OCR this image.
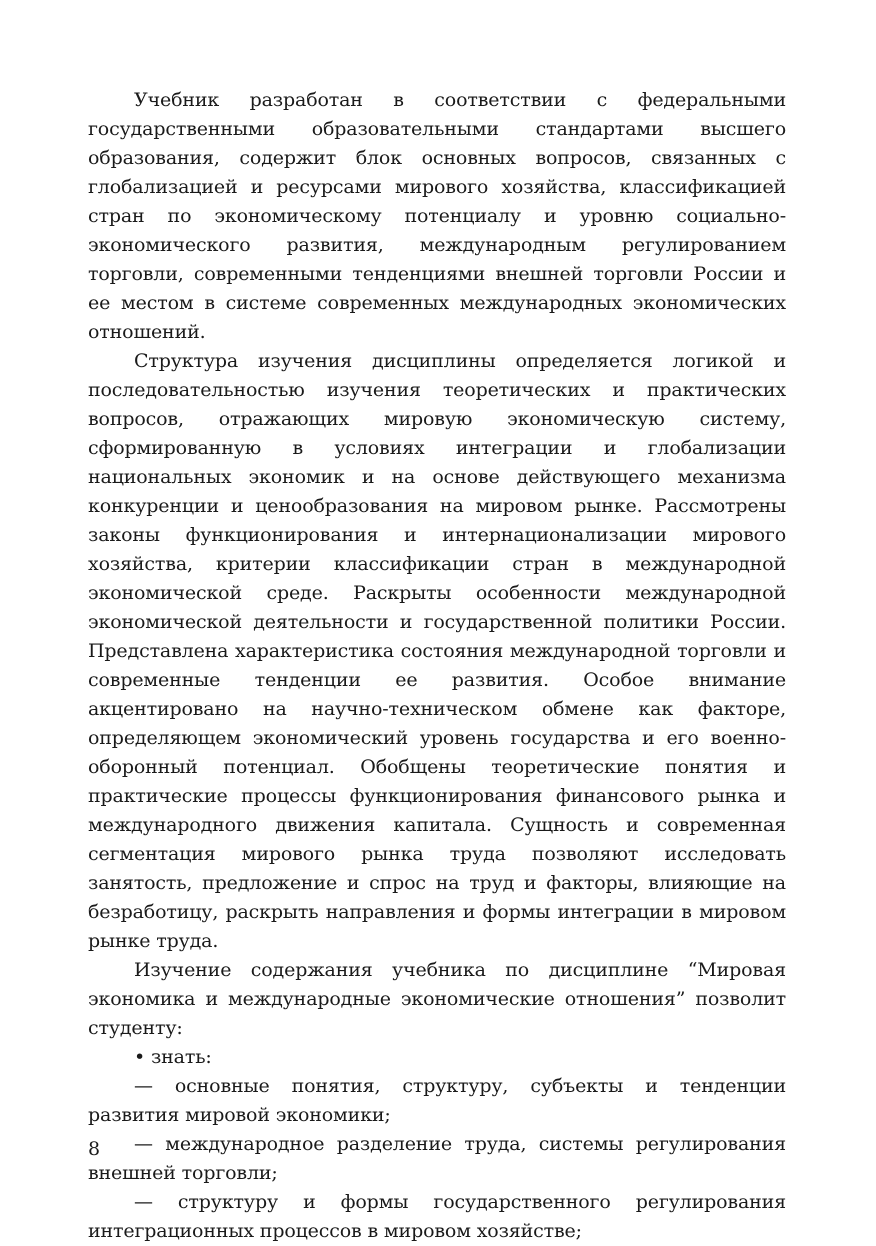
Учебник разработан в соответствии с федеральными государственными образовательными стандартами высшего образования, содержит блок основных вопросов, связанных с глобализацией и ресурсами мирового хозяйства, классификацией стран по экономическому потенциалу и уровню социально-экономического развития, международным регулированием торговли, современными тенденциями внешней торговли России и ее местом в системе современных международных экономических отношений.

Структура изучения дисциплины определяется логикой и последовательностью изучения теоретических и практических вопросов, отражающих мировую экономическую систему, сформированную в условиях интеграции и глобализации национальных экономик и на основе действующего механизма конкуренции и ценообразования на мировом рынке. Рассмотрены законы функционирования и интернационализации мирового хозяйства, критерии классификации стран в международной экономической среде. Раскрыты особенности международной экономической деятельности и государственной политики России. Представлена характеристика состояния международной торговли и современные тенденции ее развития. Особое внимание акцентировано на научно-техническом обмене как факторе, определяющем экономический уровень государства и его военно-оборонный потенциал. Обобщены теоретические понятия и практические процессы функционирования финансового рынка и международного движения капитала. Сущность и современная сегментация мирового рынка труда позволяют исследовать занятость, предложение и спрос на труд и факторы, влияющие на безработицу, раскрыть направления и формы интеграции в мировом рынке труда.

Изучение содержания учебника по дисциплине “Мировая экономика и международные экономические отношения” позволит студенту:

• знать:

— основные понятия, структуру, субъекты и тенденции развития мировой экономики;

— международное разделение труда, системы регулирования внешней торговли;

— структуру и формы государственного регулирования интеграционных процессов в мировом хозяйстве;

8
